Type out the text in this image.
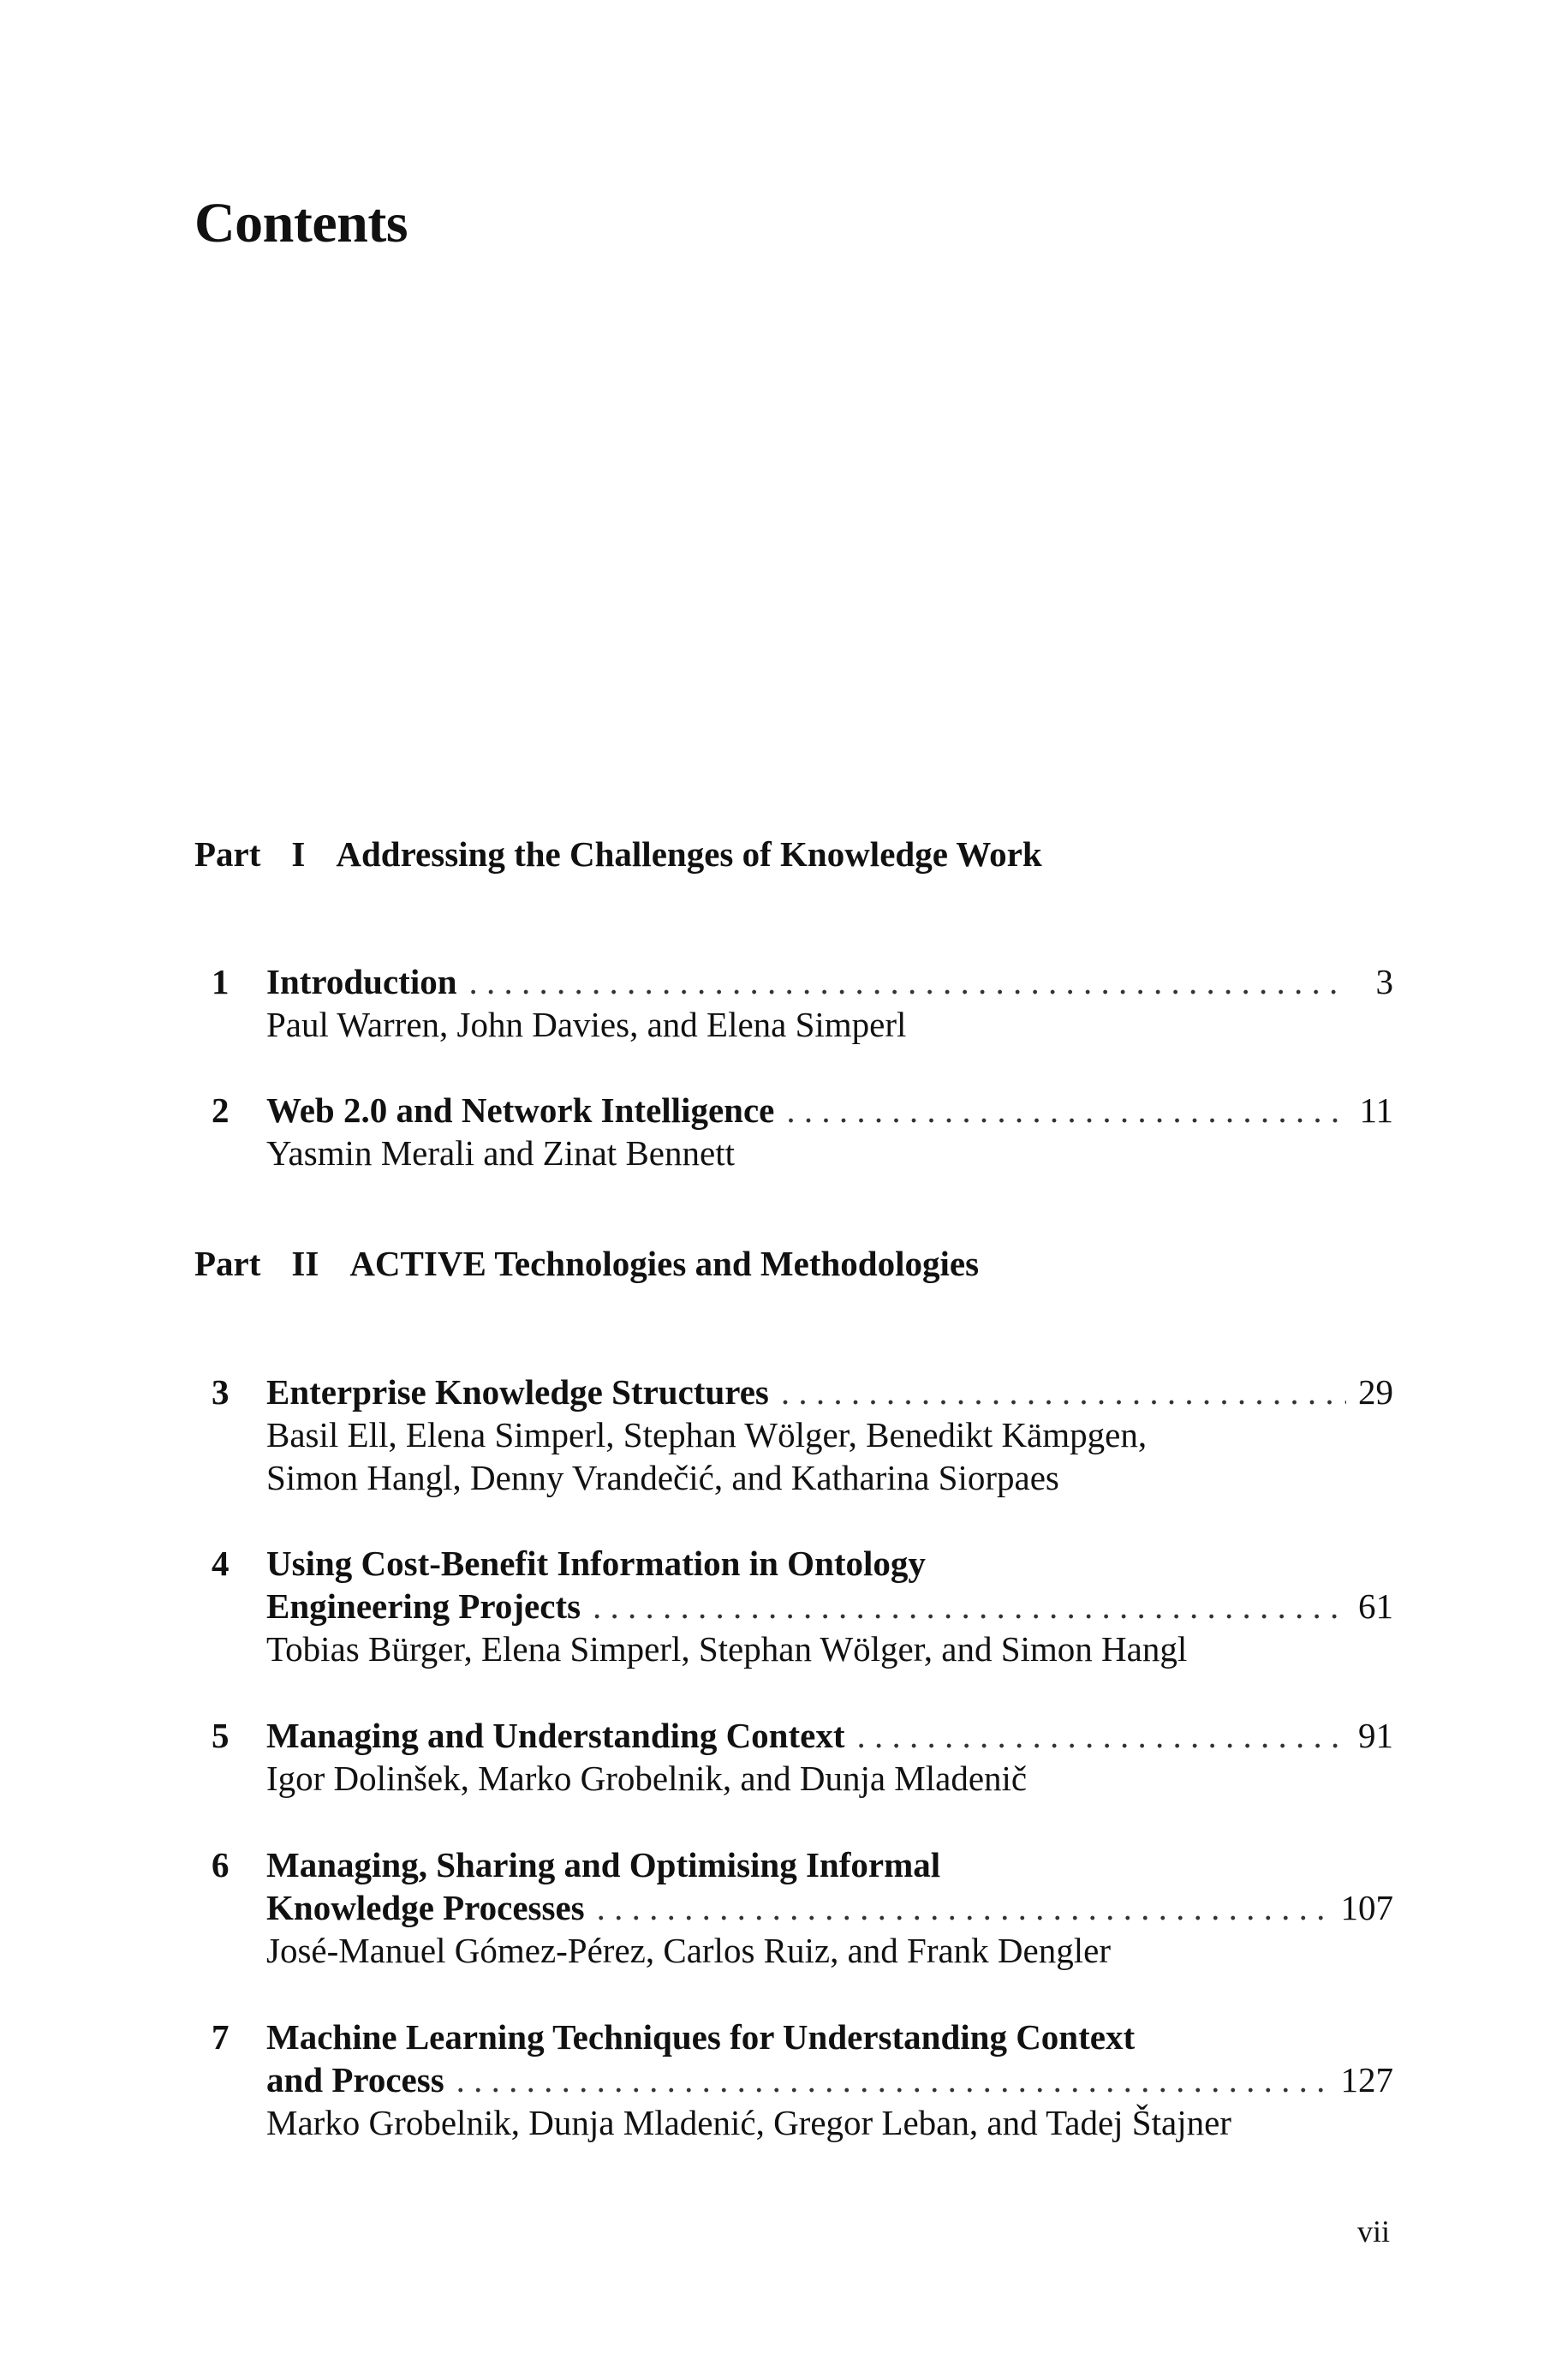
Contents
Part I Addressing the Challenges of Knowledge Work
1 Introduction . . .	3
Paul Warren, John Davies, and Elena Simperl
2 Web 2.0 and Network Intelligence . . .	11
Yasmin Merali and Zinat Bennett
Part II ACTIVE Technologies and Methodologies
3 Enterprise Knowledge Structures . . .	29
Basil Ell, Elena Simperl, Stephan Wölger, Benedikt Kämpgen,
Simon Hangl, Denny Vrandečić, and Katharina Siorpaes
4 Using Cost-Benefit Information in Ontology
Engineering Projects . . .	61
Tobias Bürger, Elena Simperl, Stephan Wölger, and Simon Hangl
5 Managing and Understanding Context . . .	91
Igor Dolinšek, Marko Grobelnik, and Dunja Mladenič
6 Managing, Sharing and Optimising Informal
Knowledge Processes . . .	107
José-Manuel Gómez-Pérez, Carlos Ruiz, and Frank Dengler
7 Machine Learning Techniques for Understanding Context
and Process . . .	127
Marko Grobelnik, Dunja Mladenić, Gregor Leban, and Tadej Štajner
vii
